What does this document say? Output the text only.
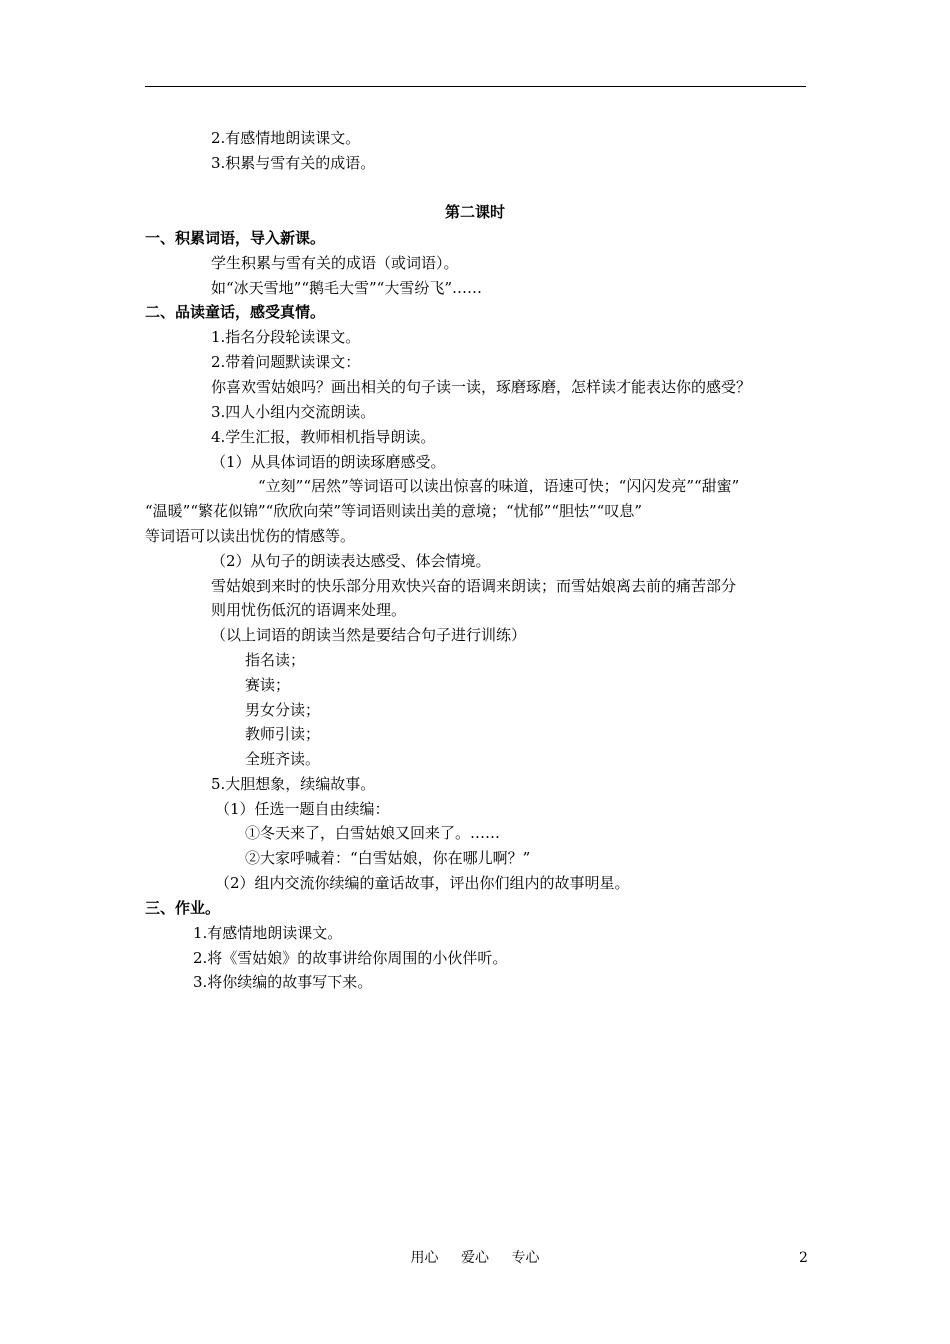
2.有感情地朗读课文。
3.积累与雪有关的成语。
第二课时
一、积累词语，导入新课。
学生积累与雪有关的成语（或词语）。
如“冰天雪地”“鹅毛大雪”“大雪纷飞”……
二、品读童话，感受真情。
1.指名分段轮读课文。
2.带着问题默读课文：
你喜欢雪姑娘吗？画出相关的句子读一读，琢磨琢磨，怎样读才能表达你的感受？
3.四人小组内交流朗读。
4.学生汇报，教师相机指导朗读。
（1）从具体词语的朗读琢磨感受。
“立刻”“居然”等词语可以读出惊喜的味道，语速可快；“闪闪发亮”“甜蜜”
“温暖”“繁花似锦”“欣欣向荣”等词语则读出美的意境；“忧郁”“胆怯”“叹息”
等词语可以读出忧伤的情感等。
（2）从句子的朗读表达感受、体会情境。
雪姑娘到来时的快乐部分用欢快兴奋的语调来朗读；而雪姑娘离去前的痛苦部分
则用忧伤低沉的语调来处理。
（以上词语的朗读当然是要结合句子进行训练）
指名读；
赛读；
男女分读；
教师引读；
全班齐读。
5.大胆想象，续编故事。
（1）任选一题自由续编：
①冬天来了，白雪姑娘又回来了。……
②大家呼喊着：“白雪姑娘，你在哪儿啊？”
（2）组内交流你续编的童话故事，评出你们组内的故事明星。
三、作业。
1.有感情地朗读课文。
2.将《雪姑娘》的故事讲给你周围的小伙伴听。
3.将你续编的故事写下来。
用心 爱心 专心	2
